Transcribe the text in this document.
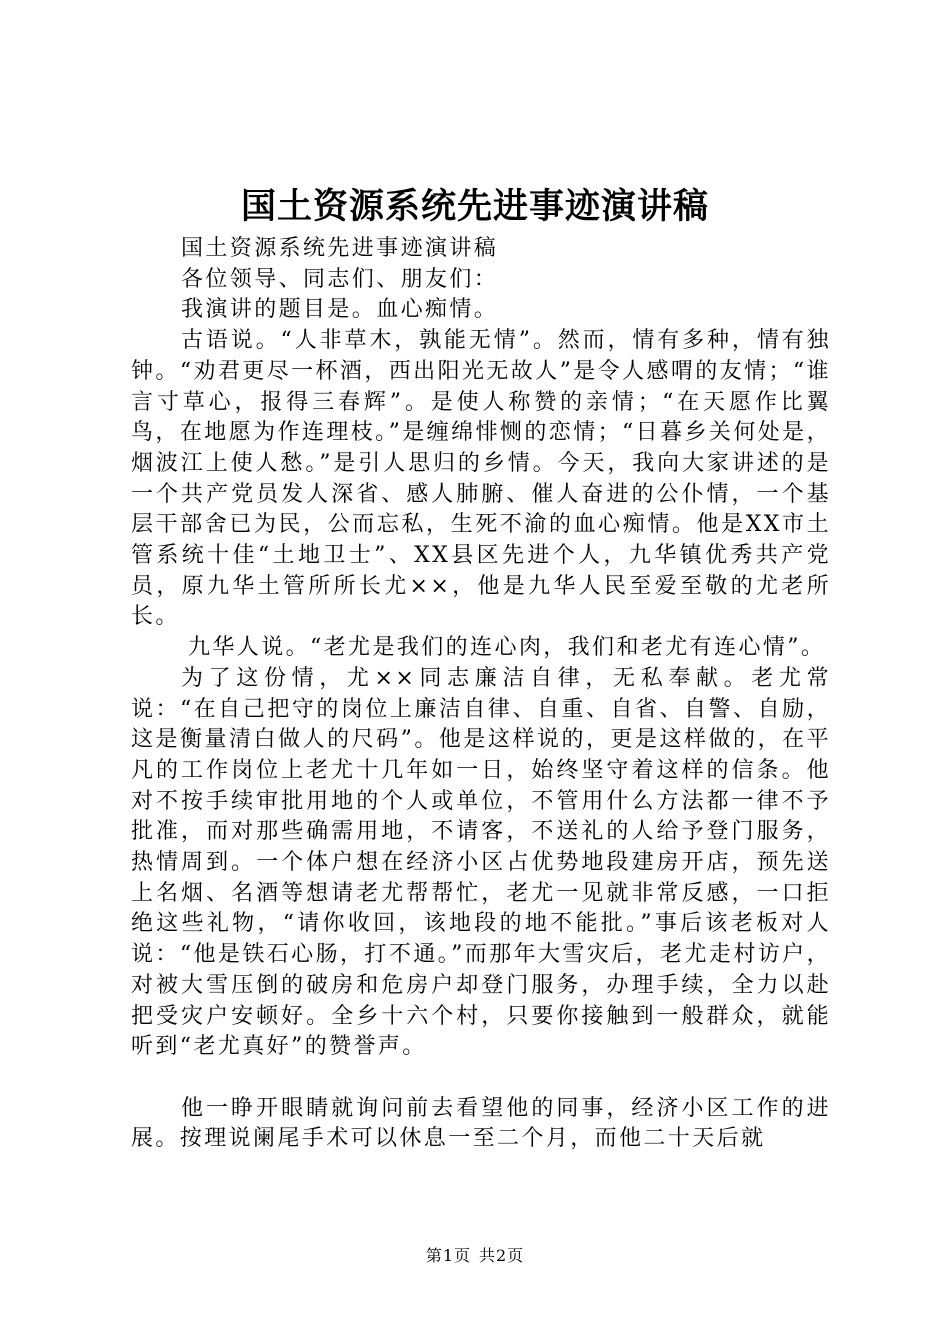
国土资源系统先进事迹演讲稿

国土资源系统先进事迹演讲稿

各位领导、同志们、朋友们：

我演讲的题目是。血心痴情。

古语说。“人非草木，孰能无情”。然而，情有多种，情有独钟。“劝君更尽一杯酒，西出阳光无故人”是令人感喟的友情；“谁言寸草心，报得三春辉”。是使人称赞的亲情；“在天愿作比翼鸟，在地愿为作连理枝。”是缠绵悱恻的恋情；“日暮乡关何处是，烟波江上使人愁。”是引人思归的乡情。今天，我向大家讲述的是一个共产党员发人深省、感人肺腑、催人奋进的公仆情，一个基层干部舍已为民，公而忘私，生死不渝的血心痴情。他是XX市土管系统十佳“土地卫士”、XX县区先进个人，九华镇优秀共产党员，原九华土管所所长尤××，他是九华人民至爱至敬的尤老所长。

九华人说。“老尤是我们的连心肉，我们和老尤有连心情”。

为了这份情，尤××同志廉洁自律，无私奉献。老尤常说：“在自己把守的岗位上廉洁自律、自重、自省、自警、自励，这是衡量清白做人的尺码”。他是这样说的，更是这样做的，在平凡的工作岗位上老尤十几年如一日，始终坚守着这样的信条。他对不按手续审批用地的个人或单位，不管用什么方法都一律不予批准，而对那些确需用地，不请客，不送礼的人给予登门服务，热情周到。一个体户想在经济小区占优势地段建房开店，预先送上名烟、名酒等想请老尤帮帮忙，老尤一见就非常反感，一口拒绝这些礼物，“请你收回，该地段的地不能批。”事后该老板对人说：“他是铁石心肠，打不通。”而那年大雪灾后，老尤走村访户，对被大雪压倒的破房和危房户却登门服务，办理手续，全力以赴把受灾户安顿好。全乡十六个村，只要你接触到一般群众，就能听到“老尤真好”的赞誉声。

他一睁开眼睛就询问前去看望他的同事，经济小区工作的进展。按理说阑尾手术可以休息一至二个月，而他二十天后就

第1页 共2页
